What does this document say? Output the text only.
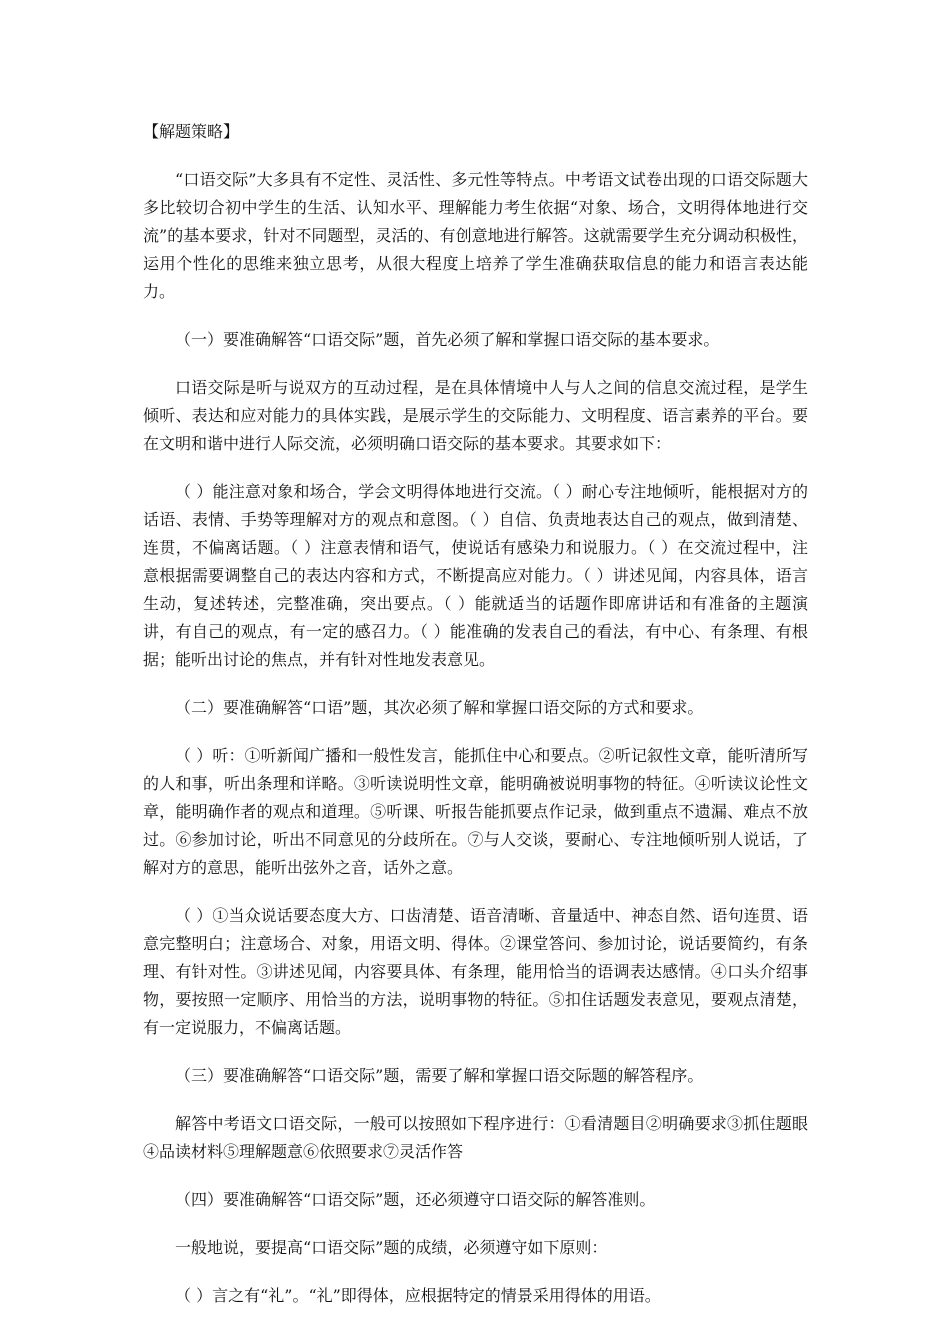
【解题策略】

“口语交际”大多具有不定性、灵活性、多元性等特点。中考语文试卷出现的口语交际题大多比较切合初中学生的生活、认知水平、理解能力考生依据“对象、场合，文明得体地进行交流”的基本要求，针对不同题型，灵活的、有创意地进行解答。这就需要学生充分调动积极性，运用个性化的思维来独立思考，从很大程度上培养了学生准确获取信息的能力和语言表达能力。

（一）要准确解答“口语交际”题，首先必须了解和掌握口语交际的基本要求。

口语交际是听与说双方的互动过程，是在具体情境中人与人之间的信息交流过程，是学生倾听、表达和应对能力的具体实践，是展示学生的交际能力、文明程度、语言素养的平台。要在文明和谐中进行人际交流，必须明确口语交际的基本要求。其要求如下：

（ ）能注意对象和场合，学会文明得体地进行交流。（ ）耐心专注地倾听，能根据对方的话语、表情、手势等理解对方的观点和意图。（ ）自信、负责地表达自己的观点，做到清楚、连贯，不偏离话题。（ ）注意表情和语气，使说话有感染力和说服力。（ ）在交流过程中，注意根据需要调整自己的表达内容和方式，不断提高应对能力。（ ）讲述见闻，内容具体，语言生动，复述转述，完整准确，突出要点。（ ）能就适当的话题作即席讲话和有准备的主题演讲，有自己的观点，有一定的感召力。（ ）能准确的发表自己的看法，有中心、有条理、有根据；能听出讨论的焦点，并有针对性地发表意见。

（二）要准确解答“口语”题，其次必须了解和掌握口语交际的方式和要求。

（ ）听：①听新闻广播和一般性发言，能抓住中心和要点。②听记叙性文章，能听清所写的人和事，听出条理和详略。③听读说明性文章，能明确被说明事物的特征。④听读议论性文章，能明确作者的观点和道理。⑤听课、听报告能抓要点作记录，做到重点不遗漏、难点不放过。⑥参加讨论，听出不同意见的分歧所在。⑦与人交谈，要耐心、专注地倾听别人说话，了解对方的意思，能听出弦外之音，话外之意。

（ ）①当众说话要态度大方、口齿清楚、语音清晰、音量适中、神态自然、语句连贯、语意完整明白；注意场合、对象，用语文明、得体。②课堂答问、参加讨论，说话要简约，有条理、有针对性。③讲述见闻，内容要具体、有条理，能用恰当的语调表达感情。④口头介绍事物，要按照一定顺序、用恰当的方法，说明事物的特征。⑤扣住话题发表意见，要观点清楚，有一定说服力，不偏离话题。

（三）要准确解答“口语交际”题，需要了解和掌握口语交际题的解答程序。

解答中考语文口语交际，一般可以按照如下程序进行：①看清题目②明确要求③抓住题眼④品读材料⑤理解题意⑥依照要求⑦灵活作答

（四）要准确解答“口语交际”题，还必须遵守口语交际的解答准则。

一般地说，要提高“口语交际”题的成绩，必须遵守如下原则：

（ ）言之有“礼”。“礼”即得体，应根据特定的情景采用得体的用语。
